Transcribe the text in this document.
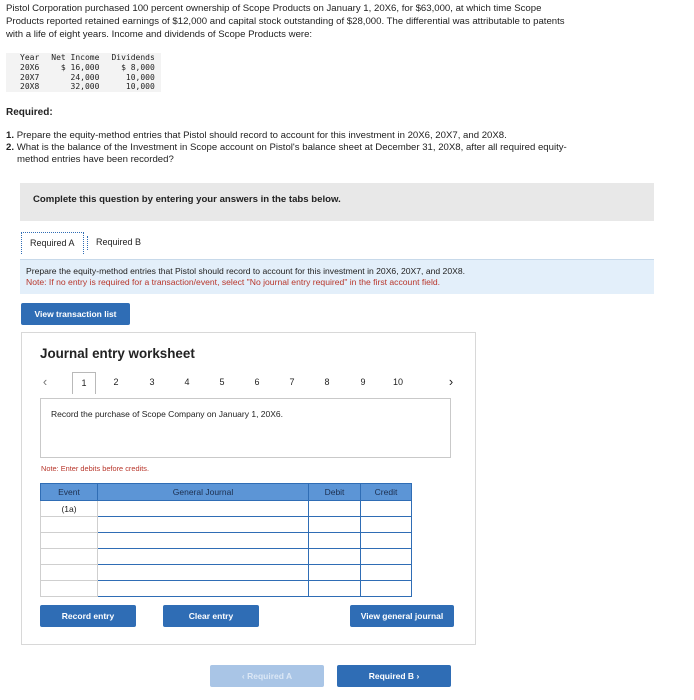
Pistol Corporation purchased 100 percent ownership of Scope Products on January 1, 20X6, for $63,000, at which time Scope
Products reported retained earnings of $12,000 and capital stock outstanding of $28,000. The differential was attributable to patents
with a life of eight years. Income and dividends of Scope Products were:
Year	Net Income	Dividends
20X6	$ 16,000	$ 8,000
20X7	24,000	10,000
20X8	32,000	10,000
Required:
1. Prepare the equity-method entries that Pistol should record to account for this investment in 20X6, 20X7, and 20X8.
2. What is the balance of the Investment in Scope account on Pistol's balance sheet at December 31, 20X8, after all required equity-
method entries have been recorded?
Complete this question by entering your answers in the tabs below.
Required A	Required B
Prepare the equity-method entries that Pistol should record to account for this investment in 20X6, 20X7, and 20X8.
Note: If no entry is required for a transaction/event, select "No journal entry required" in the first account field.
View transaction list
Journal entry worksheet
‹	1	2	3	4	5	6	7	8	9	10	›
Record the purchase of Scope Company on January 1, 20X6.
Note: Enter debits before credits.
Event	General Journal	Debit	Credit
(1a)			

Record entry	Clear entry	View general journal
‹ Required A	Required B ›
